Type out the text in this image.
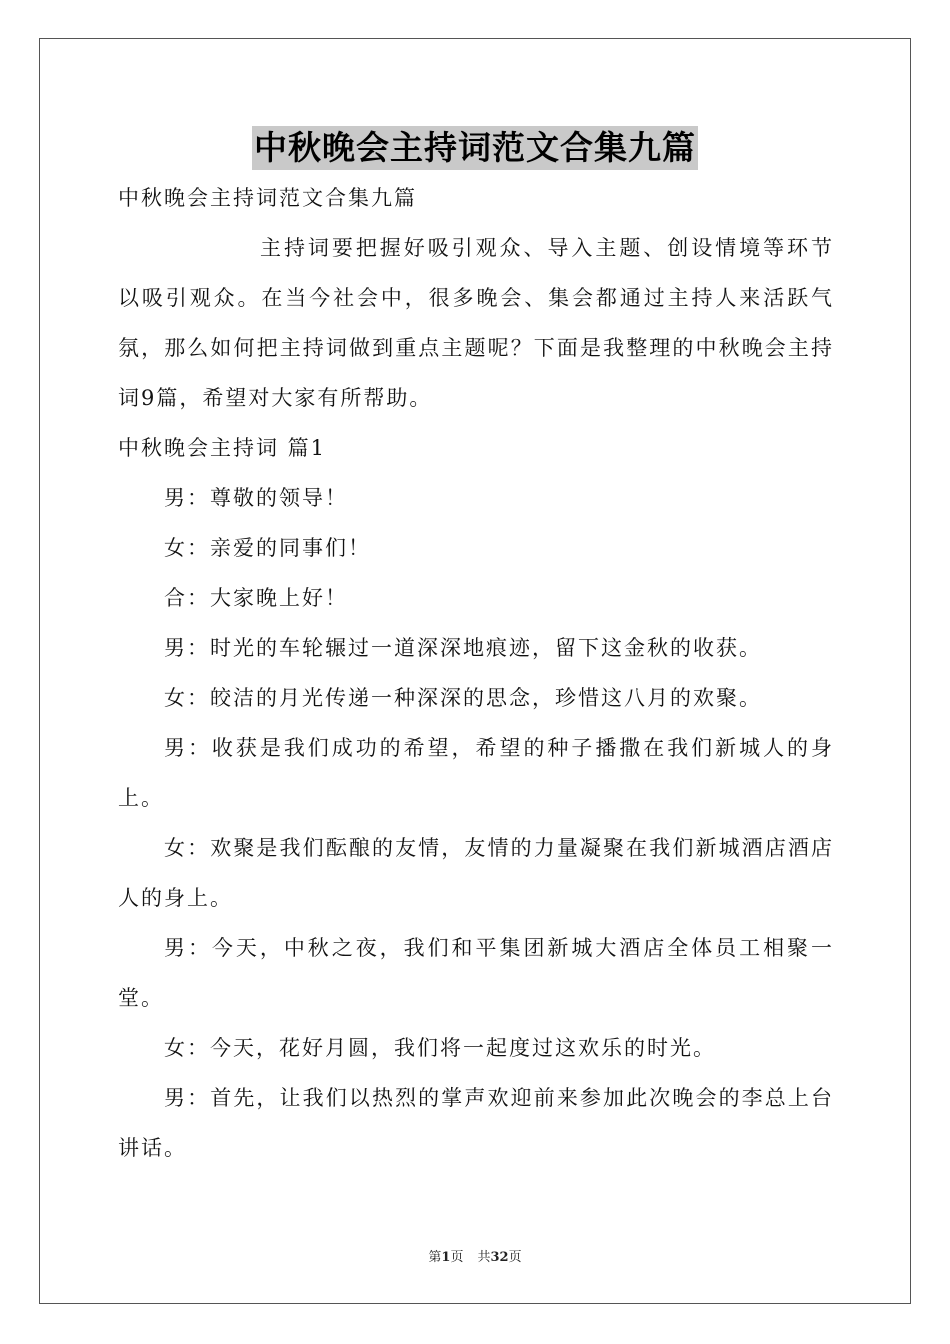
中秋晚会主持词范文合集九篇

中秋晚会主持词范文合集九篇

主持词要把握好吸引观众、导入主题、创设情境等环节以吸引观众。在当今社会中，很多晚会、集会都通过主持人来活跃气氛，那么如何把主持词做到重点主题呢？下面是我整理的中秋晚会主持词9篇，希望对大家有所帮助。

中秋晚会主持词 篇1

男：尊敬的领导！

女：亲爱的同事们！

合：大家晚上好！

男：时光的车轮辗过一道深深地痕迹，留下这金秋的收获。

女：皎洁的月光传递一种深深的思念，珍惜这八月的欢聚。

男：收获是我们成功的希望，希望的种子播撒在我们新城人的身上。

女：欢聚是我们酝酿的友情，友情的力量凝聚在我们新城酒店酒店人的身上。

男：今天，中秋之夜，我们和平集团新城大酒店全体员工相聚一堂。

女：今天，花好月圆，我们将一起度过这欢乐的时光。

男：首先，让我们以热烈的掌声欢迎前来参加此次晚会的李总上台讲话。

第1页 共32页
